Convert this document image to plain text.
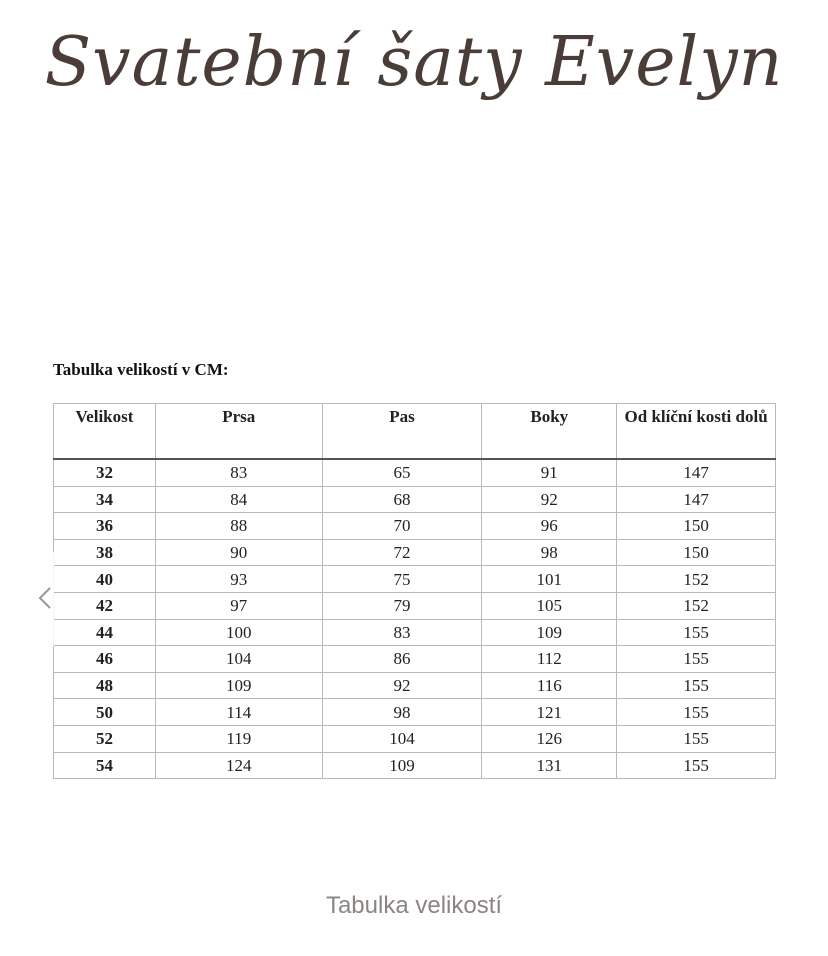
Svatební šaty Evelyn
Tabulka velikostí v CM:
Velikost	Prsa	Pas	Boky	Od klíční kosti dolů
32	83	65	91	147
34	84	68	92	147
36	88	70	96	150
38	90	72	98	150
40	93	75	101	152
42	97	79	105	152
44	100	83	109	155
46	104	86	112	155
48	109	92	116	155
50	114	98	121	155
52	119	104	126	155
54	124	109	131	155
Tabulka velikostí
